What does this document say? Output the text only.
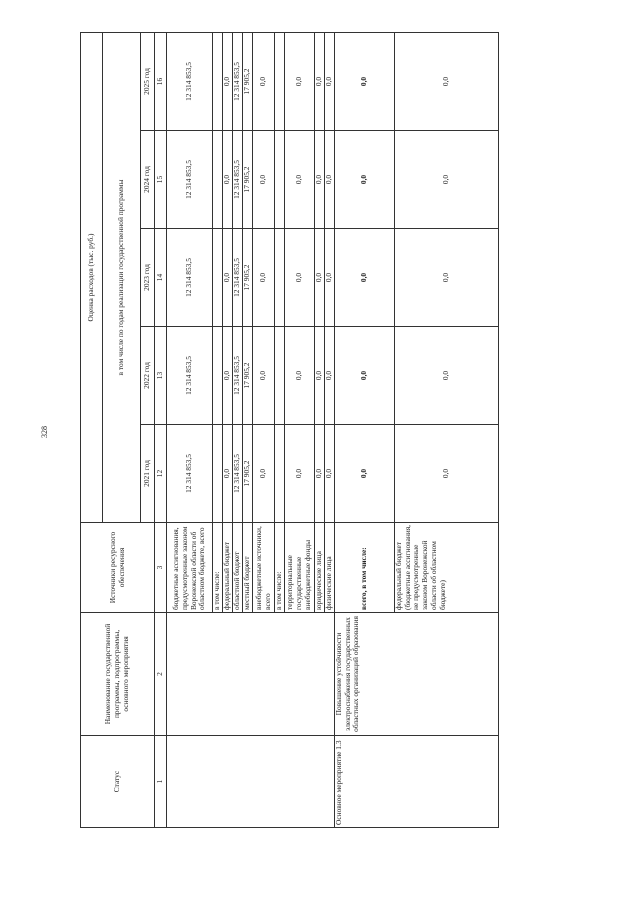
328
Статус	Наименование государственной программы, подпрограммы, основного мероприятия	Источники ресурсного обеспечения	Оценка расходов (тыс. руб.)				
			в том числе по годам реализации государственной программы				
			2021 год	2022 год	2023 год	2024 год	2025 год
1	2	3	12	13	14	15	16
		бюджетные ассигнования, предусмотренные законом Воронежской области об областном бюджете, всего	12 314 853,5	12 314 853,5	12 314 853,5	12 314 853,5	12 314 853,5
		в том числе:					
		федеральный бюджет	0,0	0,0	0,0	0,0	0,0
		областной бюджет	12 314 853,5	12 314 853,5	12 314 853,5	12 314 853,5	12 314 853,5
		местный бюджет	17 905,2	17 905,2	17 905,2	17 905,2	17 905,2
		внебюджетные источники, всего	0,0	0,0	0,0	0,0	0,0
		в том числе:					
		территориальные государственные внебюджетные фонды	0,0	0,0	0,0	0,0	0,0
		юридические лица	0,0	0,0	0,0	0,0	0,0
		физические лица	0,0	0,0	0,0	0,0	0,0
Основное мероприятие 1.3	Повышение устойчивости электроснабжения государственных областных организаций образования	всего, в том числе:	0,0	0,0	0,0	0,0	0,0
		федеральный бюджет (бюджетные ассигнования, не предусмотренные законом Воронежской области об областном бюджете)	0,0	0,0	0,0	0,0	0,0
